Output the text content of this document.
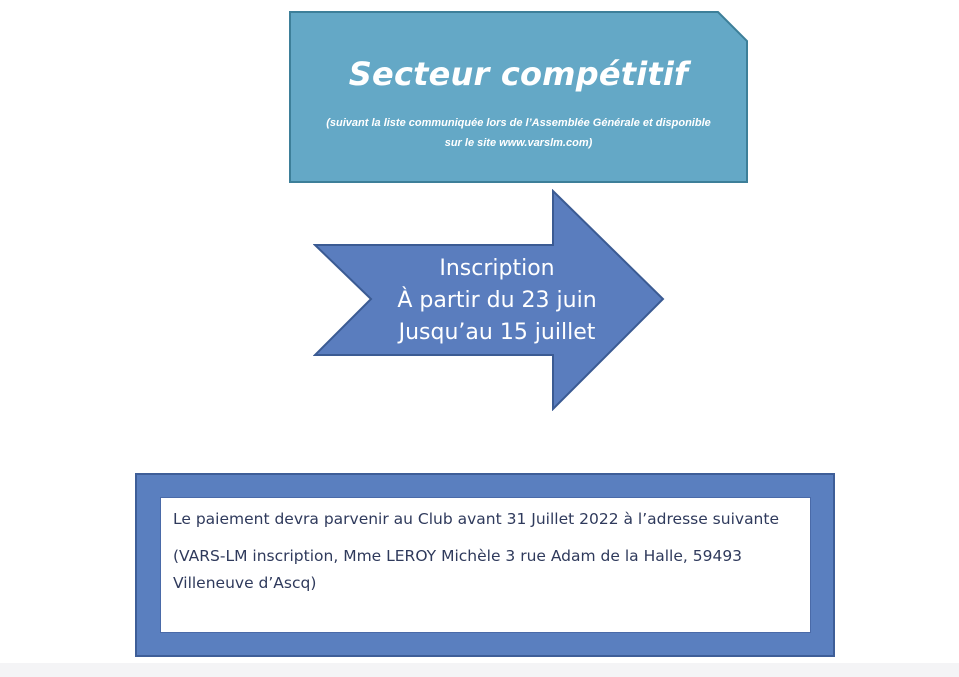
Secteur compétitif
(suivant la liste communiquée lors de l’Assemblée Générale et disponible
sur le site www.varslm.com)
Inscription
À partir du 23 juin
Jusqu’au 15 juillet

Le paiement devra parvenir au Club avant 31 Juillet 2022 à l’adresse suivante

(VARS-LM inscription, Mme LEROY Michèle 3 rue Adam de la Halle, 59493 Villeneuve d’Ascq)
